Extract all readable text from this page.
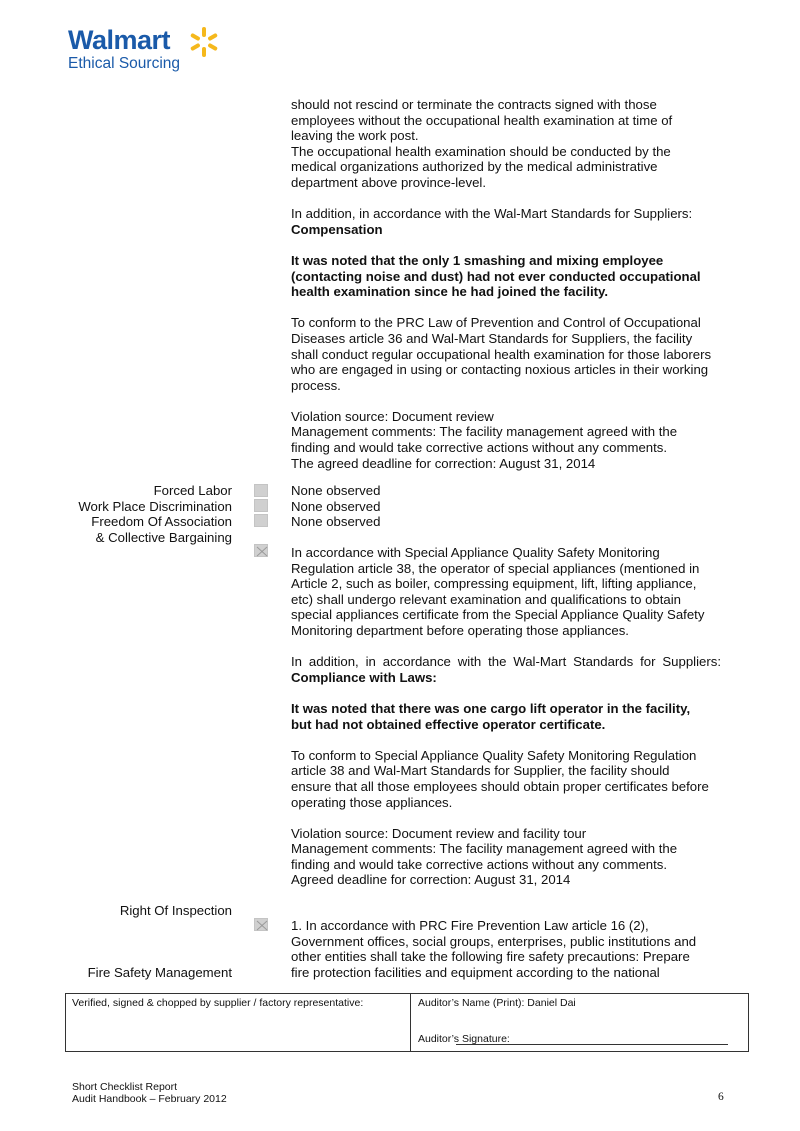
Walmart
Ethical Sourcing
should not rescind or terminate the contracts signed with those
employees without the occupational health examination at time of
leaving the work post.
The occupational health examination should be conducted by the
medical organizations authorized by the medical administrative
department above province-level.
In addition, in accordance with the Wal-Mart Standards for Suppliers:
Compensation
It was noted that the only 1 smashing and mixing employee
(contacting noise and dust) had not ever conducted occupational
health examination since he had joined the facility.
To conform to the PRC Law of Prevention and Control of Occupational
Diseases article 36 and Wal-Mart Standards for Suppliers, the facility
shall conduct regular occupational health examination for those laborers
who are engaged in using or contacting noxious articles in their working
process.
Violation source: Document review
Management comments: The facility management agreed with the
finding and would take corrective actions without any comments.
The agreed deadline for correction: August 31, 2014
Forced Labor
Work Place Discrimination
Freedom Of Association
& Collective Bargaining
Right Of Inspection
Fire Safety Management
None observed
None observed
None observed
In accordance with Special Appliance Quality Safety Monitoring
Regulation article 38, the operator of special appliances (mentioned in
Article 2, such as boiler, compressing equipment, lift, lifting appliance,
etc) shall undergo relevant examination and qualifications to obtain
special appliances certificate from the Special Appliance Quality Safety
Monitoring department before operating those appliances.
In addition, in accordance with the Wal-Mart Standards for Suppliers:
Compliance with Laws:
It was noted that there was one cargo lift operator in the facility,
but had not obtained effective operator certificate.
To conform to Special Appliance Quality Safety Monitoring Regulation
article 38 and Wal-Mart Standards for Supplier, the facility should
ensure that all those employees should obtain proper certificates before
operating those appliances.
Violation source: Document review and facility tour
Management comments: The facility management agreed with the
finding and would take corrective actions without any comments.
Agreed deadline for correction: August 31, 2014
1. In accordance with PRC Fire Prevention Law article 16 (2),
Government offices, social groups, enterprises, public institutions and
other entities shall take the following fire safety precautions: Prepare
fire protection facilities and equipment according to the national
Verified, signed & chopped by supplier / factory representative:	Auditor’s Name (Print): Daniel Dai
Auditor’s Signature:
Short Checklist Report
Audit Handbook – February 2012	6
